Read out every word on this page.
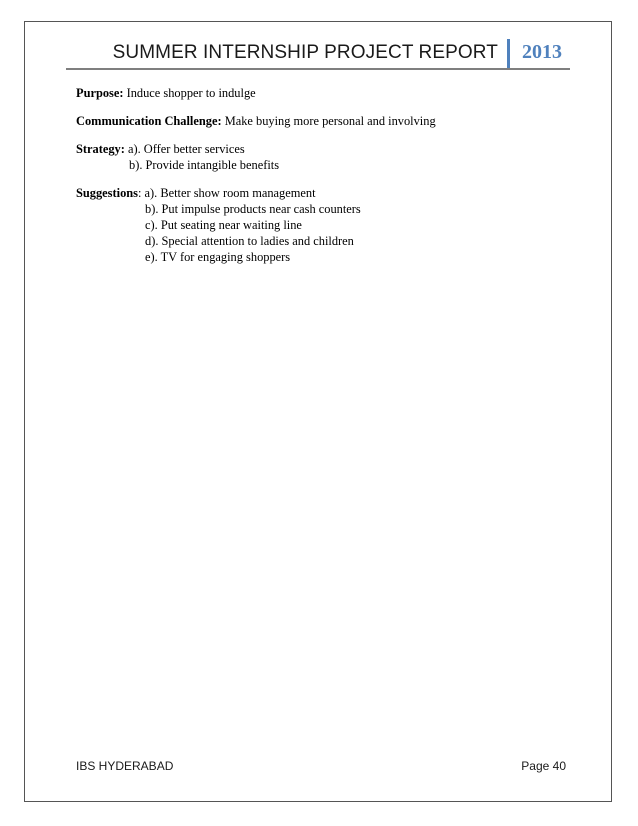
SUMMER INTERNSHIP PROJECT REPORT 2013

Purpose: Induce shopper to indulge

Communication Challenge: Make buying more personal and involving

Strategy: a). Offer better services
b). Provide intangible benefits
Suggestions: a). Better show room management
b). Put impulse products near cash counters
c). Put seating near waiting line
d). Special attention to ladies and children
e). TV for engaging shoppers
IBS HYDERABAD	Page 40
